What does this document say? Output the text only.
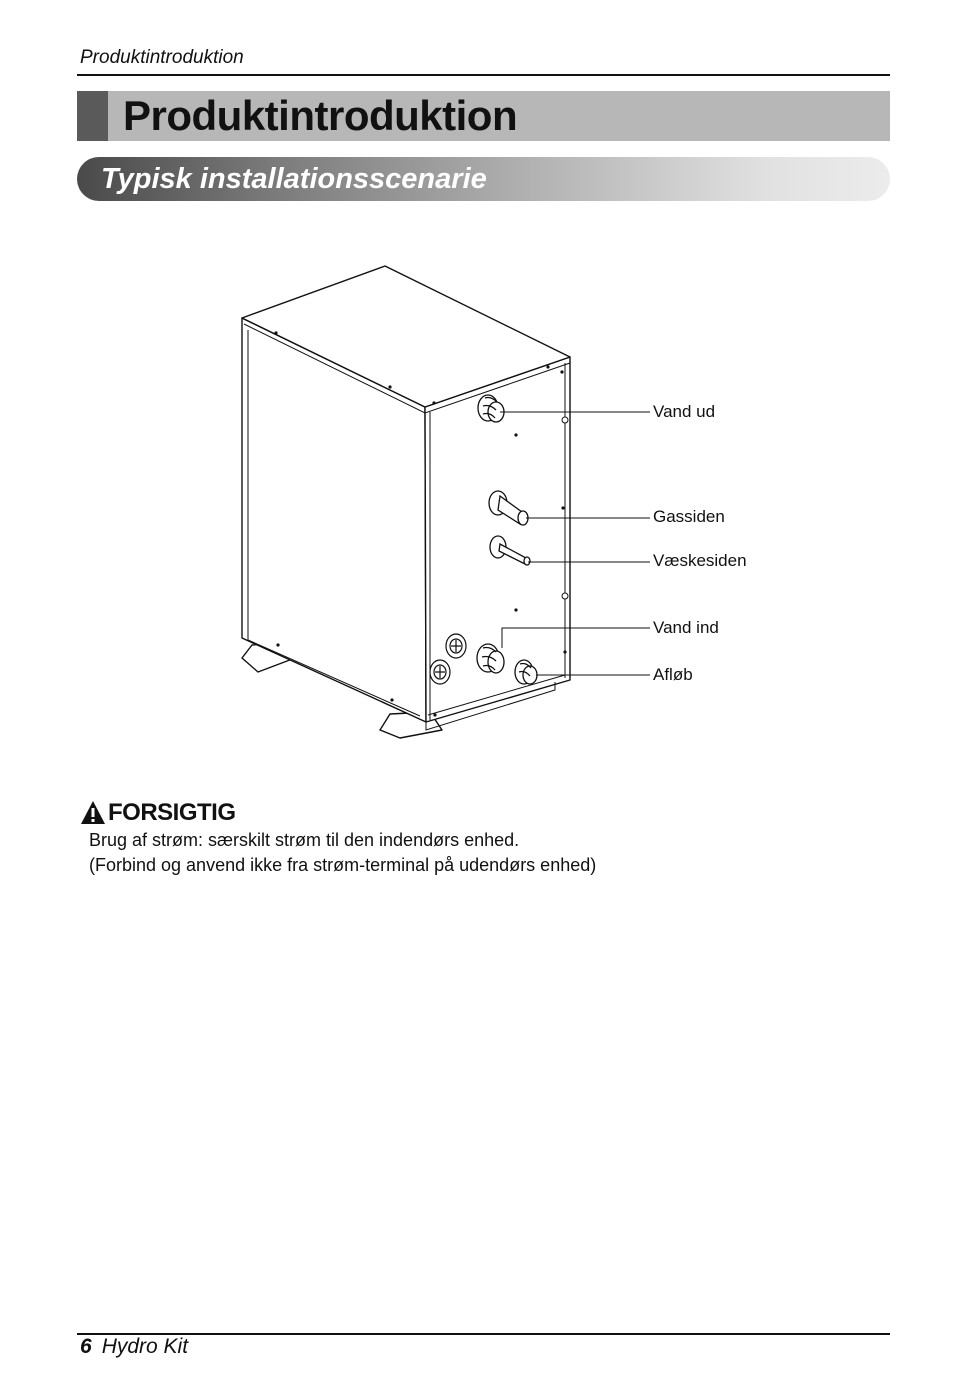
Produktintroduktion
Produktintroduktion
Typisk installationsscenarie
Vand ud
Gassiden
Væskesiden
Vand ind
Afløb
FORSIGTIG
Brug af strøm: særskilt strøm til den indendørs enhed.
(Forbind og anvend ikke fra strøm-terminal på udendørs enhed)
6 Hydro Kit
